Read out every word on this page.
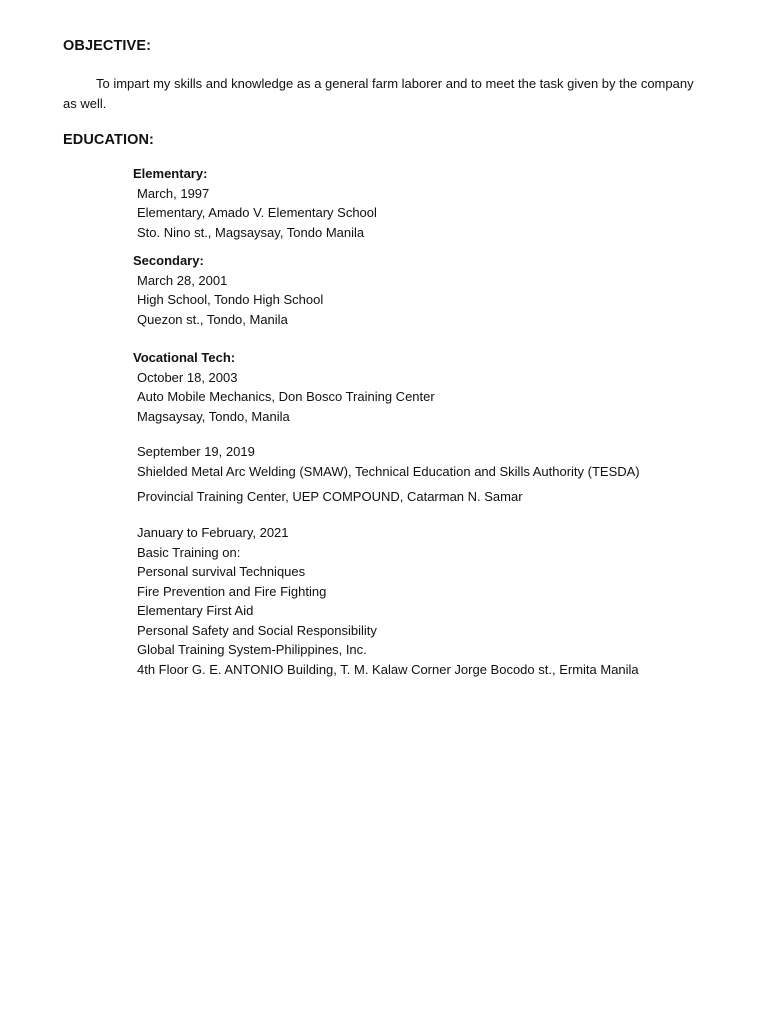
OBJECTIVE:

To impart my skills and knowledge as a general farm laborer and to meet the task given by the company as well.

EDUCATION:
Elementary:
March, 1997
Elementary, Amado V. Elementary School
Sto. Nino st., Magsaysay, Tondo Manila
Secondary:
March 28, 2001
High School, Tondo High School
Quezon st., Tondo, Manila
Vocational Tech:
October 18, 2003
Auto Mobile Mechanics, Don Bosco Training Center
Magsaysay, Tondo, Manila
September 19, 2019
Shielded Metal Arc Welding (SMAW), Technical Education and Skills Authority (TESDA)
Provincial Training Center, UEP COMPOUND, Catarman N. Samar
January to February, 2021
Basic Training on:
Personal survival Techniques
Fire Prevention and Fire Fighting
Elementary First Aid
Personal Safety and Social Responsibility
Global Training System-Philippines, Inc.
4th Floor G. E. ANTONIO Building, T. M. Kalaw Corner Jorge Bocodo st., Ermita Manila
